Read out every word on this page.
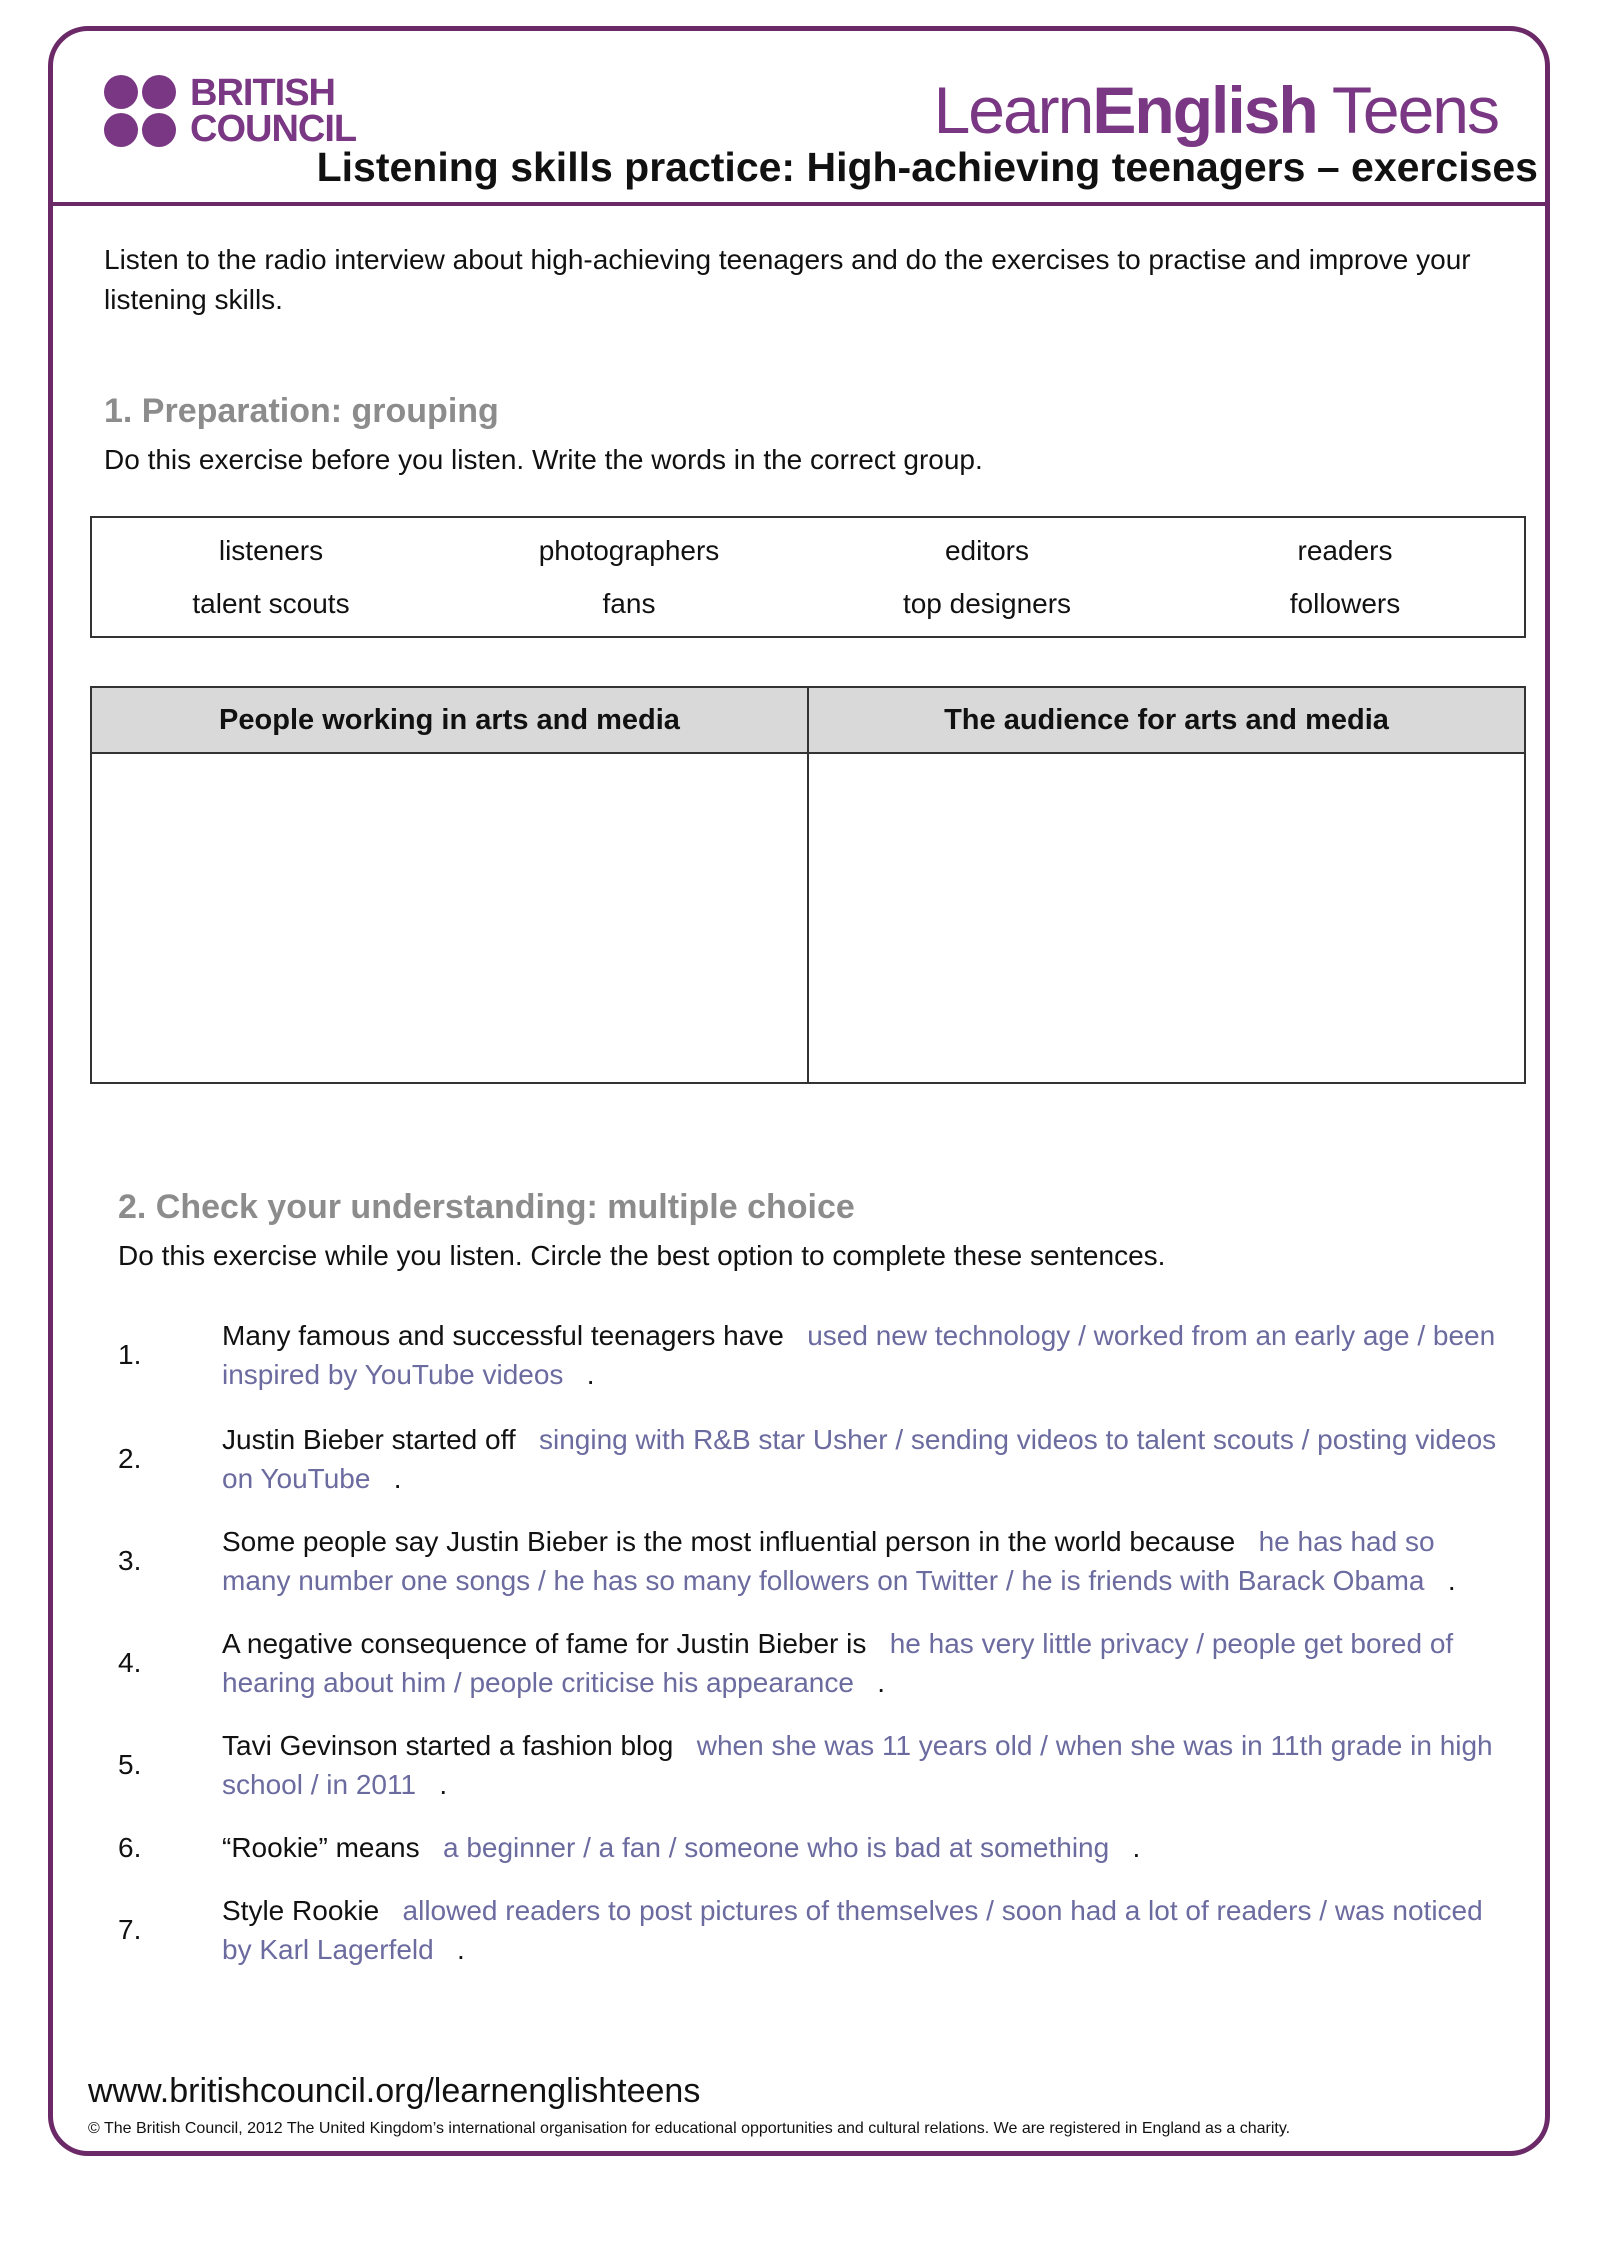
BRITISH
COUNCIL	LearnEnglish Teens
Listening skills practice: High-achieving teenagers – exercises
Listen to the radio interview about high-achieving teenagers and do the exercises to practise and improve your listening skills.
1. Preparation: grouping
Do this exercise before you listen. Write the words in the correct group.
listeners	photographers	editors	readers
talent scouts	fans	top designers	followers
People working in arts and media	The audience for arts and media

2. Check your understanding: multiple choice
Do this exercise while you listen. Circle the best option to complete these sentences.
1.
Many famous and successful teenagers have used new technology / worked from an early age / been inspired by YouTube videos .
2.
Justin Bieber started off singing with R&B star Usher / sending videos to talent scouts / posting videos on YouTube .
3.
Some people say Justin Bieber is the most influential person in the world because he has had so many number one songs / he has so many followers on Twitter / he is friends with Barack Obama .
4.
A negative consequence of fame for Justin Bieber is he has very little privacy / people get bored of hearing about him / people criticise his appearance .
5.
Tavi Gevinson started a fashion blog when she was 11 years old / when she was in 11th grade in high school / in 2011 .
6.	“Rookie” means a beginner / a fan / someone who is bad at something .
7.
Style Rookie allowed readers to post pictures of themselves / soon had a lot of readers / was noticed by Karl Lagerfeld .
www.britishcouncil.org/learnenglishteens
© The British Council, 2012 The United Kingdom’s international organisation for educational opportunities and cultural relations. We are registered in England as a charity.
